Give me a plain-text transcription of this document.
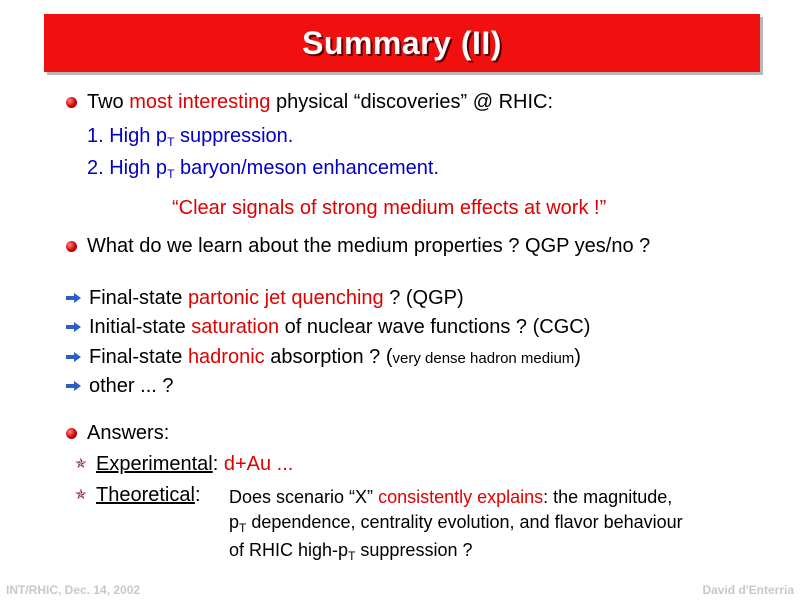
Summary (II)
Two most interesting physical “discoveries” @ RHIC:
1. High $p_T$ suppression.
2. High $p_T$ baryon/meson enhancement.
“Clear signals of strong medium effects at work !”
What do we learn about the medium properties ? QGP yes/no ?
Final-state partonic jet quenching ? (QGP)
Initial-state saturation of nuclear wave functions ? (CGC)
Final-state hadronic absorption ? (very dense hadron medium)
other ... ?
Answers:
✯ Experimental: d+Au ...
✯ Theoretical: Does scenario “X” consistently explains: the magnitude,
$p_T$ dependence, centrality evolution, and flavor behaviour
of RHIC high-$p_T$ suppression ?
INT/RHIC, Dec. 14, 2002	David d'Enterria
